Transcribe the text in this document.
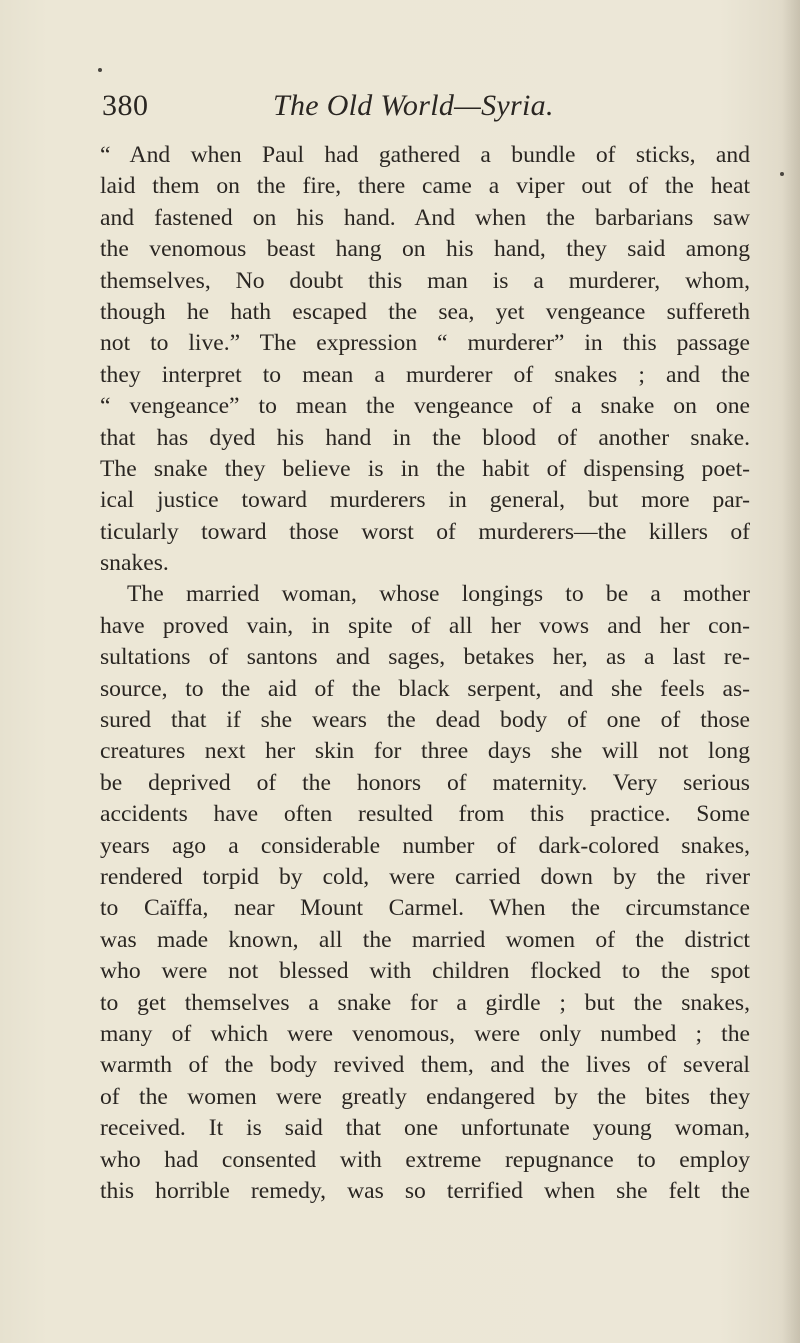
380	The Old World—Syria.
“ And when Paul had gathered a bundle of sticks, and
laid them on the fire, there came a viper out of the heat
and fastened on his hand. And when the barbarians saw
the venomous beast hang on his hand, they said among
themselves, No doubt this man is a murderer, whom,
though he hath escaped the sea, yet vengeance suffereth
not to live.” The expression “ murderer” in this passage
they interpret to mean a murderer of snakes ; and the
“ vengeance” to mean the vengeance of a snake on one
that has dyed his hand in the blood of another snake.
The snake they believe is in the habit of dispensing poet-
ical justice toward murderers in general, but more par-
ticularly toward those worst of murderers—the killers of
snakes.
The married woman, whose longings to be a mother
have proved vain, in spite of all her vows and her con-
sultations of santons and sages, betakes her, as a last re-
source, to the aid of the black serpent, and she feels as-
sured that if she wears the dead body of one of those
creatures next her skin for three days she will not long
be deprived of the honors of maternity. Very serious
accidents have often resulted from this practice. Some
years ago a considerable number of dark-colored snakes,
rendered torpid by cold, were carried down by the river
to Caïffa, near Mount Carmel. When the circumstance
was made known, all the married women of the district
who were not blessed with children flocked to the spot
to get themselves a snake for a girdle ; but the snakes,
many of which were venomous, were only numbed ; the
warmth of the body revived them, and the lives of several
of the women were greatly endangered by the bites they
received. It is said that one unfortunate young woman,
who had consented with extreme repugnance to employ
this horrible remedy, was so terrified when she felt the
